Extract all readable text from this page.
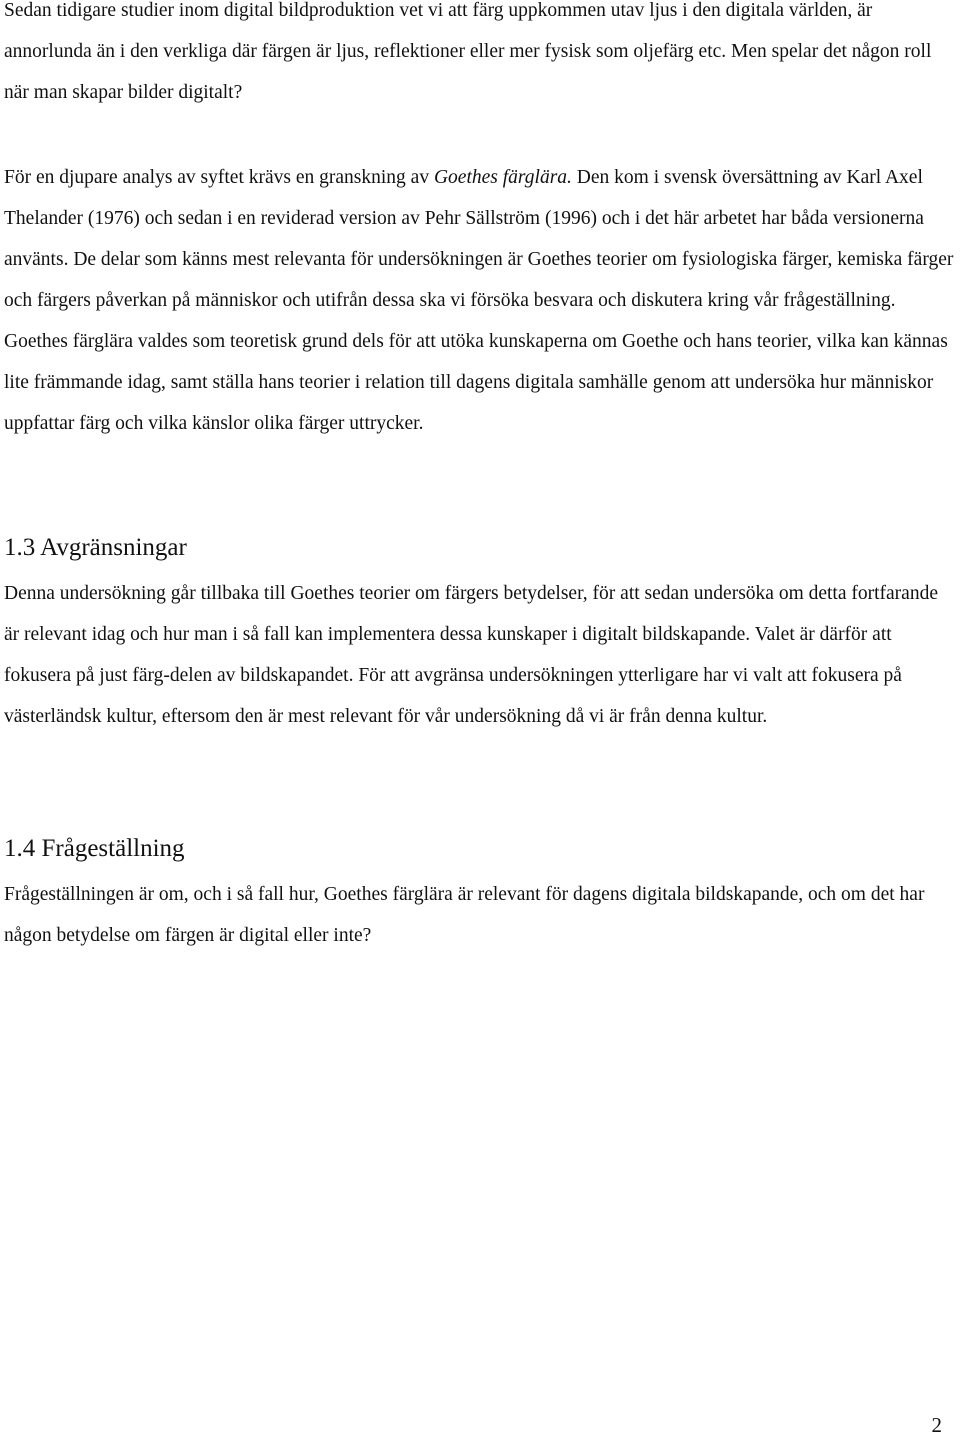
Sedan tidigare studier inom digital bildproduktion vet vi att färg uppkommen utav ljus i den digitala världen, är annorlunda än i den verkliga där färgen är ljus, reflektioner eller mer fysisk som oljefärg etc. Men spelar det någon roll när man skapar bilder digitalt?

För en djupare analys av syftet krävs en granskning av Goethes färglära. Den kom i svensk översättning av Karl Axel Thelander (1976) och sedan i en reviderad version av Pehr Sällström (1996) och i det här arbetet har båda versionerna använts. De delar som känns mest relevanta för undersökningen är Goethes teorier om fysiologiska färger, kemiska färger och färgers påverkan på människor och utifrån dessa ska vi försöka besvara och diskutera kring vår frågeställning. Goethes färglära valdes som teoretisk grund dels för att utöka kunskaperna om Goethe och hans teorier, vilka kan kännas lite främmande idag, samt ställa hans teorier i relation till dagens digitala samhälle genom att undersöka hur människor uppfattar färg och vilka känslor olika färger uttrycker.

1.3 Avgränsningar

Denna undersökning går tillbaka till Goethes teorier om färgers betydelser, för att sedan undersöka om detta fortfarande är relevant idag och hur man i så fall kan implementera dessa kunskaper i digitalt bildskapande. Valet är därför att fokusera på just färg-delen av bildskapandet. För att avgränsa undersökningen ytterligare har vi valt att fokusera på västerländsk kultur, eftersom den är mest relevant för vår undersökning då vi är från denna kultur.

1.4 Frågeställning

Frågeställningen är om, och i så fall hur, Goethes färglära är relevant för dagens digitala bildskapande, och om det har någon betydelse om färgen är digital eller inte?

2
